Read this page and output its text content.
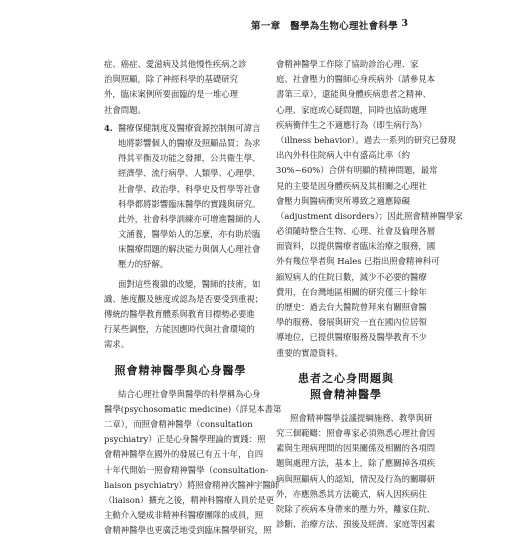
第一章　醫學為生物心理社會科學 3
症、癌症、愛滋病及其他慢性疾病之診
治與照顧，除了神經科學的基礎研究
外，臨床案例所要面臨的是一堆心理
社會問題。
4. 醫療保健制度及醫療資源控制無可諱言
地將影響個人的醫療及照顧品質；為求
得其平衡及功能之發揮，公共衛生學、
經濟學、流行病學、人類學、心理學、
社會學、政治學、科學史及哲學等社會
科學都將影響臨床醫學的實踐與研究。
此外，社會科學訓練亦可增進醫師的人
文涵養，醫學始人的怎麼，亦有助於臨
床醫療問題的解決能力與個人心理社會
壓力的紓解。
面對這些複雜的改變，醫師的技術，如
識、態度觀及態度或認為是否要受到重視；
傳統的醫學教育體系與教育目標勢必要進
行某些調整，方能因應時代與社會環境的
需求。
照會精神醫學與心身醫學
結合心理社會學與醫學的科學稱為心身
醫學(psychosomatic medicine)（詳見本書第
二章），而照會精神醫學（consultation
psychiatry）正是心身醫學理論的實踐：照
會精神醫學在國外的發展已有五十年，自四
十年代開始一照會精神醫學（consultation-
liaison psychiatry）將照會精神次醫神宇醫師
（liaison）擴充之後，精神科醫療人員於是更
主動介入變成非精神科醫療團隊的成員，照
會精神醫學也更廣泛地受到臨床醫學研究，照
會精神醫學工作除了協助診治心理、家
庭、社會壓力的醫師心身疾病外（請參見本
書第三章），還能與身體疾病患者之精神、
心理、家庭或心疑問題，同時也協助處理
疾病衝伴生之不適應行為（即生病行為）
（illness behavior）。過去一系列的研究已發現
出內外科住院病人中有盛高比率（約
30%~60%）合併有明顯的精神問題，最常
見的主要是因身體疾病及其相關之心理社
會壓力與醫病衝突所導致之適應障礙
（adjustment disorders）；因此照會精神醫學家
必須隨時整合生物、心理、社會及倫理各層
面資料，以提供醫療者臨床治療之服務，國
外有幾位學者與 Hales 已指出照會精神科可
縮短病人的住院日數，減少不必要的醫療
費用，在台灣地區相關的研究僅三十餘年
的歷史：過去台大醫院曾拜來有關照會醫
學的服務、發展與研究一直在國內位居領
導地位，已提供醫療服務及醫學教育不少
重要的實證資料。
患者之心身問題與
照會精神醫學
照會精神醫學益議提綱施務、教學與研
究三個範疇：照會專家必須熟悉心理社會因
素與生理病理間的因果關係及相關的各項問
題與處理方法，基本上，除了應關掉各項疾
病與照顧病人的認知，情況及行為的關聯研
外，亦應熟悉其方法範式，病人因疾病住
院除了疾病本身帶來的壓力外，離家住院、
診斷、治療方法、預後及經濟、家庭等因素
